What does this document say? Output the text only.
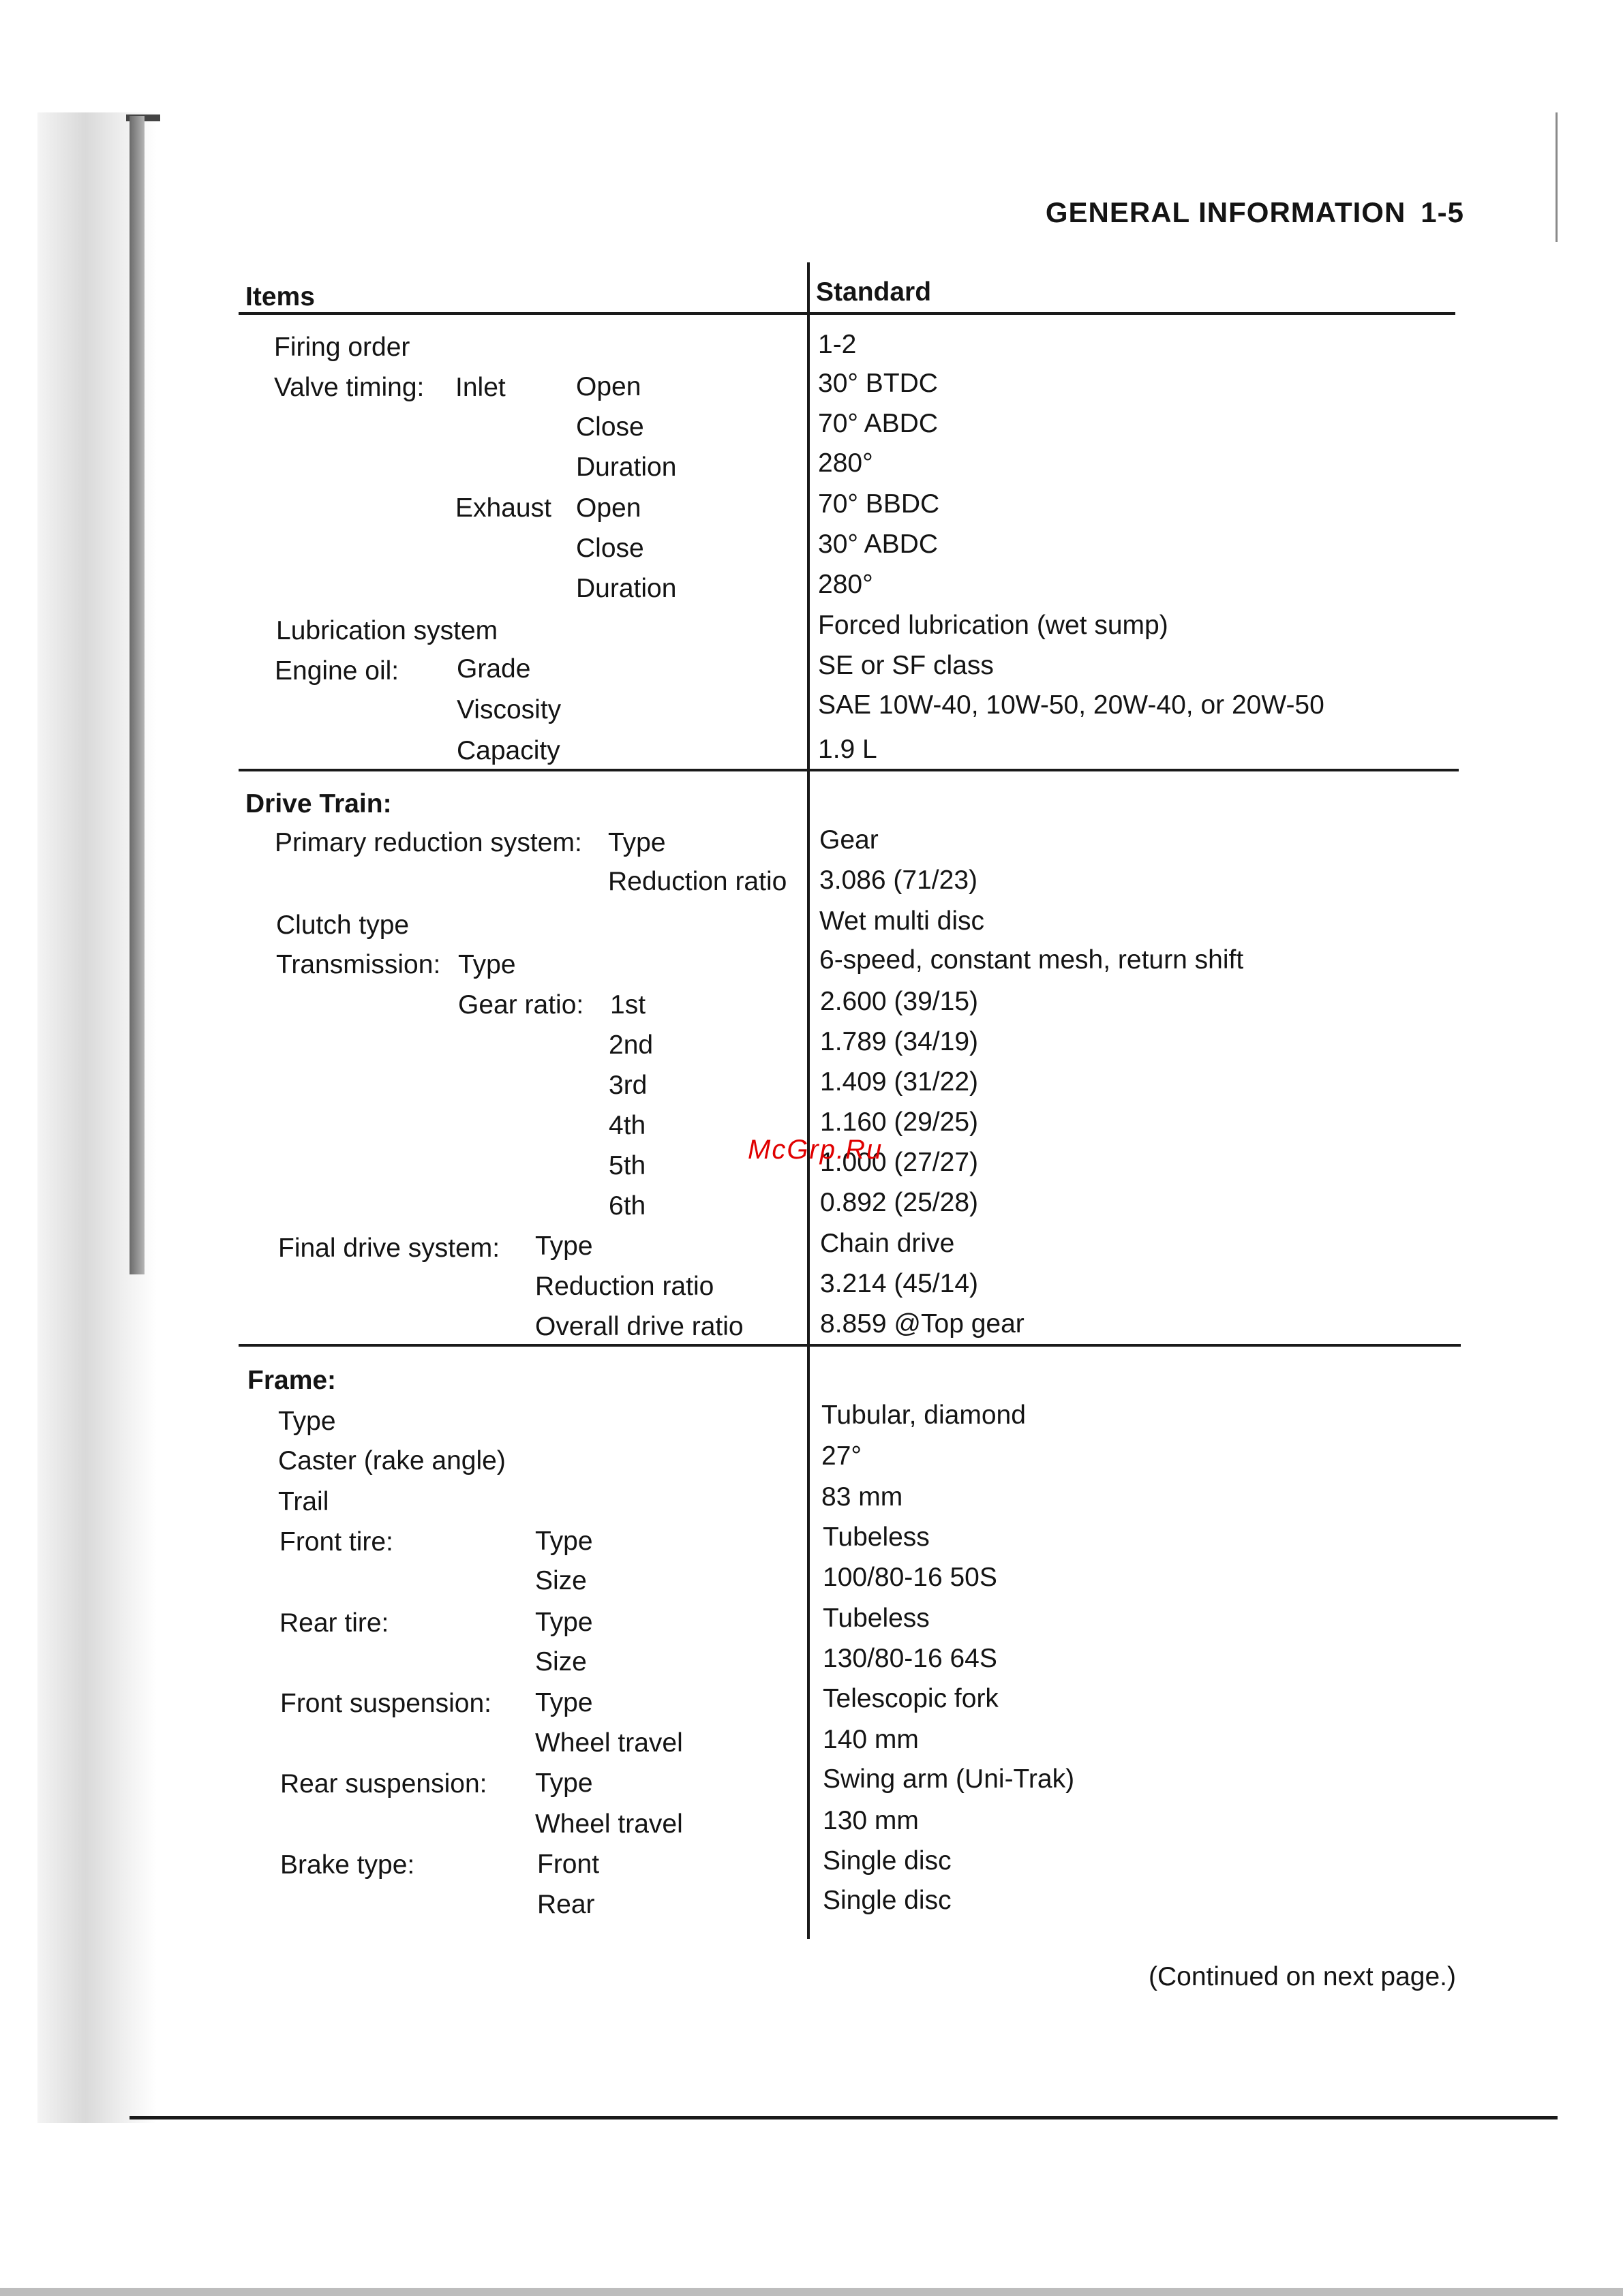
GENERAL INFORMATION 1-5
Items	Standard
Firing order	1-2
Valve timing: Inlet	Open	30° BTDC
Close	70° ABDC
Duration	280°
Exhaust Open	70° BBDC
Close	30° ABDC
Duration	280°
Lubrication system	Forced lubrication (wet sump)
Engine oil: Grade	SE or SF class
Viscosity	SAE 10W-40, 10W-50, 20W-40, or 20W-50
Capacity	1.9 L
Drive Train:
Primary reduction system: Type	Gear
Reduction ratio 3.086 (71/23)
Clutch type	Wet multi disc
Transmission: Type	6-speed, constant mesh, return shift
Gear ratio: 1st	2.600 (39/15)
2nd	1.789 (34/19)
3rd	1.409 (31/22)
4th	1.160 (29/25)
5th	1.000 (27/27)
6th	0.892 (25/28)
Final drive system: Type	Chain drive
Reduction ratio	3.214 (45/14)
Overall drive ratio	8.859 @Top gear
Frame:
Type	Tubular, diamond
Caster (rake angle)	27°
Trail	83 mm
Front tire:	Type	Tubeless
Size	100/80-16 50S
Rear tire:	Type	Tubeless
Size	130/80-16 64S
Front suspension: Type	Telescopic fork
Wheel travel	140 mm
Rear suspension: Type	Swing arm (Uni-Trak)
Wheel travel	130 mm
Brake type:	Front	Single disc
Rear	Single disc
(Continued on next page.)
McGrp.Ru
